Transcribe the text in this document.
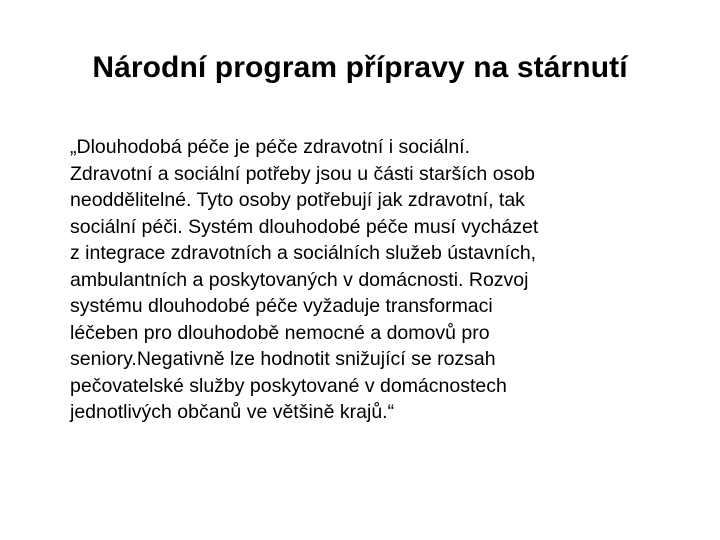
Národní program přípravy na stárnutí
„Dlouhodobá péče je péče zdravotní i sociální.
Zdravotní a sociální potřeby jsou u části starších osob
neoddělitelné. Tyto osoby potřebují jak zdravotní, tak
sociální péči. Systém dlouhodobé péče musí vycházet
z integrace zdravotních a sociálních služeb ústavních,
ambulantních a poskytovaných v domácnosti. Rozvoj
systému dlouhodobé péče vyžaduje transformaci
léčeben pro dlouhodobě nemocné a domovů pro
seniory.Negativně lze hodnotit snižující se rozsah
pečovatelské služby poskytované v domácnostech
jednotlivých občanů ve většině krajů.“
